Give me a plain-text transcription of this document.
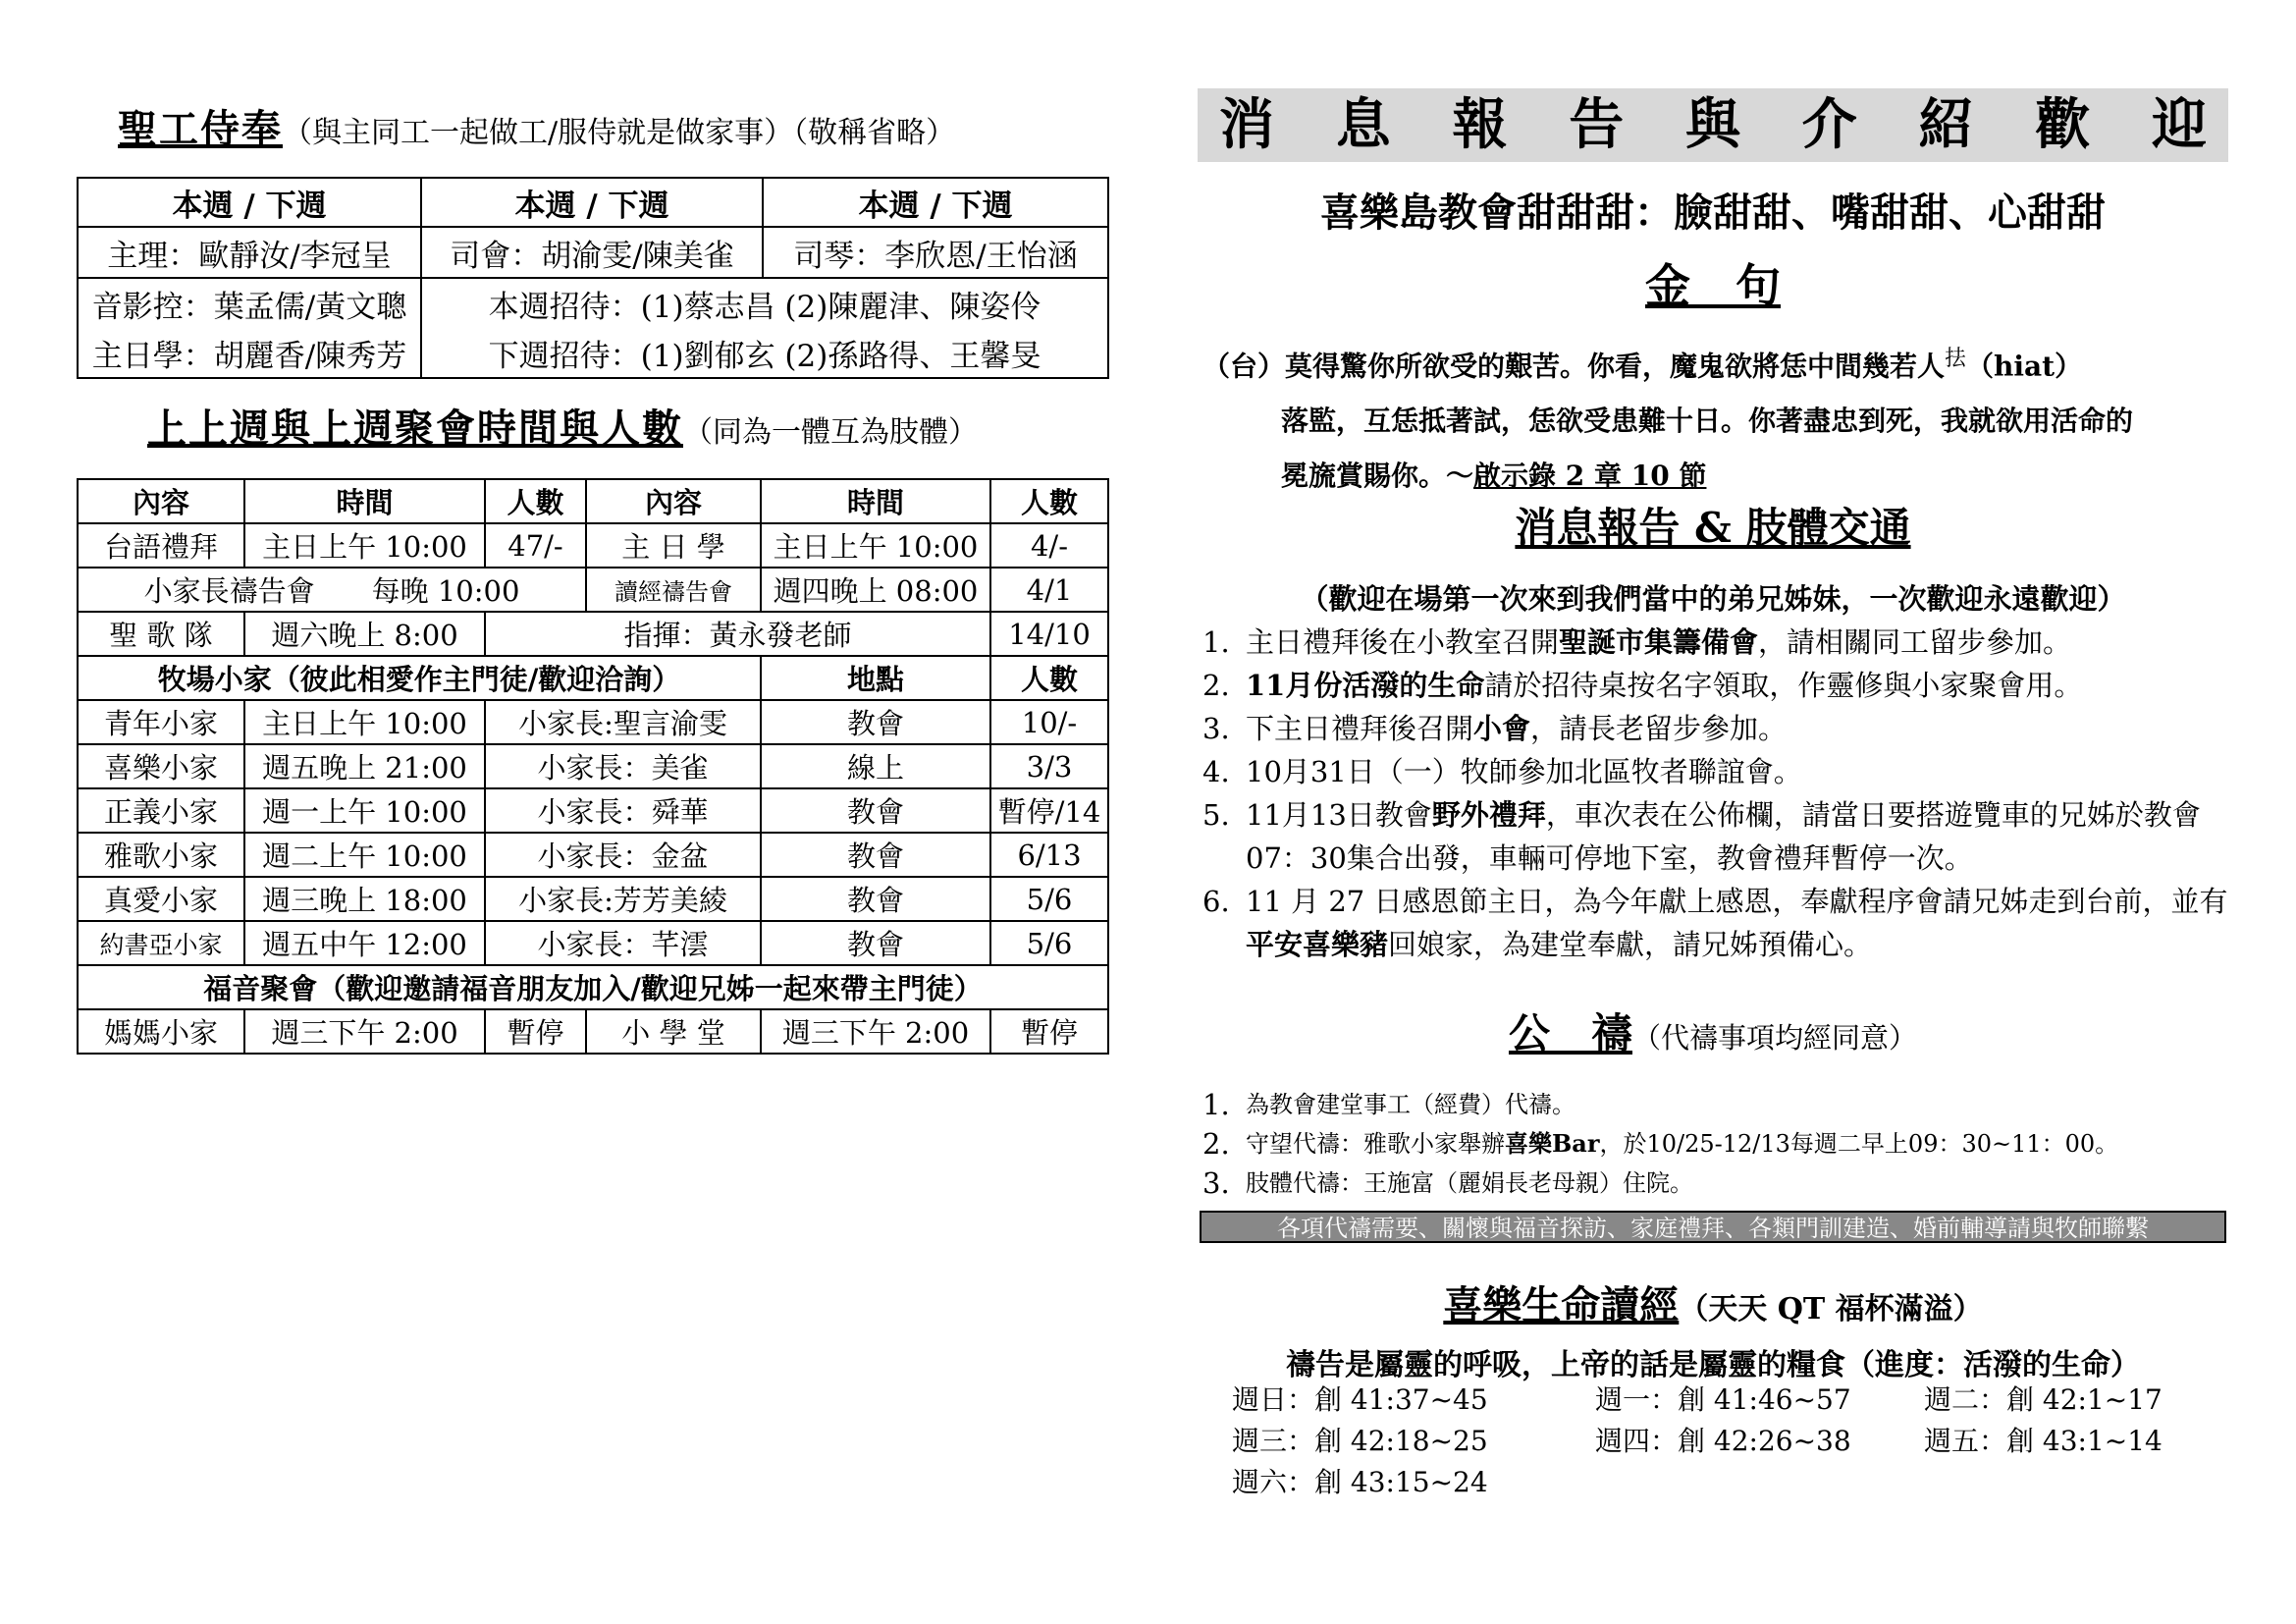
聖工侍奉（與主同工一起做工/服侍就是做家事）（敬稱省略）
本週 / 下週	本週 / 下週	本週 / 下週
主理：歐靜汝/李冠呈	司會：胡渝雯/陳美雀	司琴：李欣恩/王怡涵
音影控：葉孟儒/黃文聰	本週招待：(1)蔡志昌 (2)陳麗津、陳姿伶	
主日學：胡麗香/陳秀芳	下週招待：(1)劉郁玄 (2)孫路得、王馨旻	
上上週與上週聚會時間與人數（同為一體互為肢體）
內容	時間	人數	內容	時間	人數
台語禮拜	主日上午 10:00	47/-	主 日 學	主日上午 10:00	4/-
小家長禱告會　　 每晚 10:00			讀經禱告會	週四晚上 08:00	4/1
聖 歌 隊	週六晚上 8:00	指揮：黃永發老師			14/10
牧場小家（彼此相愛作主門徒/歡迎洽詢）				地點	人數
青年小家	主日上午 10:00	小家長:聖言渝雯		教會	10/-
喜樂小家	週五晚上 21:00	小家長：美雀		線上	3/3
正義小家	週一上午 10:00	小家長：舜華		教會	暫停/14
雅歌小家	週二上午 10:00	小家長：金盆		教會	6/13
真愛小家	週三晚上 18:00	小家長:芳芳美綾		教會	5/6
約書亞小家	週五中午 12:00	小家長：芊澐		教會	5/6
福音聚會（歡迎邀請福音朋友加入/歡迎兄姊一起來帶主門徒）					
媽媽小家	週三下午 2:00	暫停	小 學 堂	週三下午 2:00	暫停
消 息 報 告 與 介 紹 歡 迎
喜樂島教會甜甜甜：臉甜甜、嘴甜甜、心甜甜
金　句
（台）莫得驚你所欲受的艱苦。你看，魔鬼欲將恁中間幾若人$^抾$（hiat）
落監，互恁抵著試，恁欲受患難十日。你著盡忠到死，我就欲用活命的
冕旒賞賜你。～啟示錄 2 章 10 節
消息報告 & 肢體交通
（歡迎在場第一次來到我們當中的弟兄姊妹，一次歡迎永遠歡迎）
1. 主日禮拜後在小教室召開聖誕市集籌備會，請相關同工留步參加。
2. 11月份活潑的生命請於招待桌按名字領取，作靈修與小家聚會用。
3. 下主日禮拜後召開小會，請長老留步參加。
4. 10月31日（一）牧師參加北區牧者聯誼會。
5. 11月13日教會野外禮拜，車次表在公佈欄，請當日要搭遊覽車的兄姊於教會07：30集合出發，車輛可停地下室，教會禮拜暫停一次。
6. 11 月 27 日感恩節主日，為今年獻上感恩，奉獻程序會請兄姊走到台前，並有平安喜樂豬回娘家，為建堂奉獻，請兄姊預備心。
公　禱（代禱事項均經同意）
1. 為教會建堂事工（經費）代禱。
2. 守望代禱：雅歌小家舉辦喜樂Bar，於10/25-12/13每週二早上09：30~11：00。
3. 肢體代禱：王施富（麗娟長老母親）住院。
各項代禱需要、關懷與福音探訪、家庭禮拜、各類門訓建造、婚前輔導請與牧師聯繫
喜樂生命讀經（天天 QT 福杯滿溢）
禱告是屬靈的呼吸，上帝的話是屬靈的糧食（進度：活潑的生命）
週日：創 41:37~45	週一：創 41:46~57	週二：創 42:1~17
週三：創 42:18~25	週四：創 42:26~38	週五：創 43:1~14
週六：創 43:15~24
